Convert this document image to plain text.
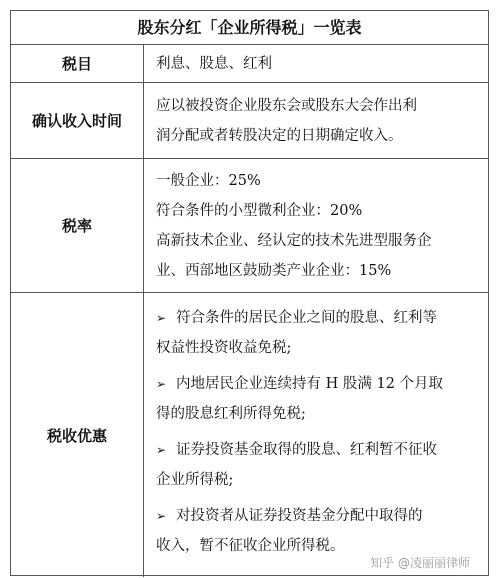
股东分红「企业所得税」一览表
税目	利息、股息、红利
确认收入时间
应以被投资企业股东会或股东大会作出利
润分配或者转股决定的日期确定收入。
税率
一般企业：25%
符合条件的小型微利企业：20%
高新技术企业、经认定的技术先进型服务企
业、西部地区鼓励类产业企业：15%
税收优惠
➢ 符合条件的居民企业之间的股息、红利等
权益性投资收益免税;
➢ 内地居民企业连续持有 H 股满 12 个月取
得的股息红利所得免税;
➢ 证券投资基金取得的股息、红利暂不征收
企业所得税;
➢ 对投资者从证券投资基金分配中取得的
收入，暂不征收企业所得税。
知乎 @凌丽丽律师
